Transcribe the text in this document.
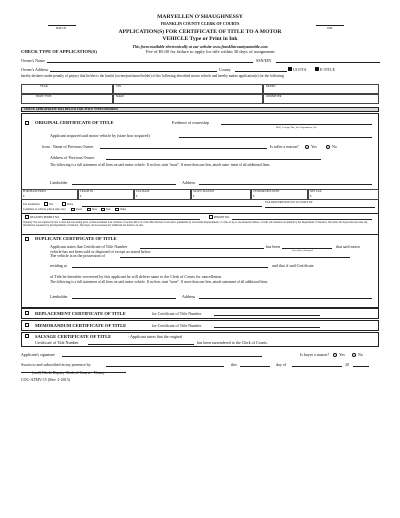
MARYELLEN O'SHAUGHNESSY
FRANKLIN COUNTY CLERK OF COURTS
BATCH	JOB
APPLICATION(S) FOR CERTIFICATE OF TITLE TO A MOTOR
VEHICLE Type or Print in Ink
This form available electronically at our website www.franklincountyautotitle.com
CHECK TYPE OF APPLICATION(S)	Fee of $5.00 for failure to apply for title within 30 days of assignment
Owner's Name	SSN/EIN
Owner's Address	County	UCOTA	E-TITLE
hereby declares under penalty of perjury that he/she is the lawful (owner/purchaser/holder) of the following described motor vehicle and hereby makes application(s) for the following
YEAR	VIN	MODEL
BODY TYPE	MAKE	ODOMETER
CHECK APPROPRIATE BOX BELOW FOR TITLE TYPES DESIRED
ORIGINAL CERTIFICATE OF TITLE	Evidence of ownership
MSO, Foreign Title, Etc. Registration, Etc.
Applicant acquired said motor vehicle by (state how acquired)
from . Name of Previous Owner	Is seller a mason?	Yes	No
Address of Previous Owner
The following is a full statement of all liens on said motor vehicle. If no lien, state "none". If more than one lien, attach state- ment of all additional liens.
Lienholder	Address
PURCHASE PRICE	TRADE IN	TAX BASE	SALES TAX DUE	VENDOR DISCOUNT	NET TAX
$	$	$	$	$	$
Tax exemption	Yes	None
TAX PAID PREVIOUSLY TO STATE OF
Condition of vehicle (check only one)	Used	New	Fair	Other
DEALER'S PERMIT NO.	PERMIT NO.
Warning: You are required by law to state the true selling price. A false statement is in violation of section 2921.13 of the Ohio Revised Code and is punishable by six months imprisonment, or a fine of up to one thousand dollars, or both. All transfers are audited by the Department of Taxation. The seller and buyer must provide any information requested by the Department of Taxation. The buyer can be assessed any additional tax found to be due.
DUPLICATE CERTIFICATE OF TITLE
Applicant states that Certificate of Title Number	has been	that said motor
lost, stolen, destroyed
vehicle has not been sold or disposed of except as stated below
The vehicle is in the possession of
residing at	and that if said Certificate
of Title be hereafter recovered by this applicant he will deliver same to the Clerk of Courts for cancellation.
The following is a full statement of all liens on said motor vehicle. If no lien, state "none". If more than one lien, attach statement of all additional liens.
Lienholder	Address
REPLACEMENT CERTIFICATE OF TITLE	for Certificate of Title Number
MEMORANDUM CERTIFICATE OF TITLE	for Certificate of Title Number
SALVAGE CERTIFICATE OF TITLE	- Applicant states that the original
Certificate of Title Number	has been surrendered to the Clerk of Courts.
Applicant's signature	Is buyer a mason?	Yes	No
Sworn to and subscribed in my presence by	this	day of	20
(seal) Clerk, Deputy Clerk of Courts - Notary
COC-ATMV-15 (Rev. 2-2015)
